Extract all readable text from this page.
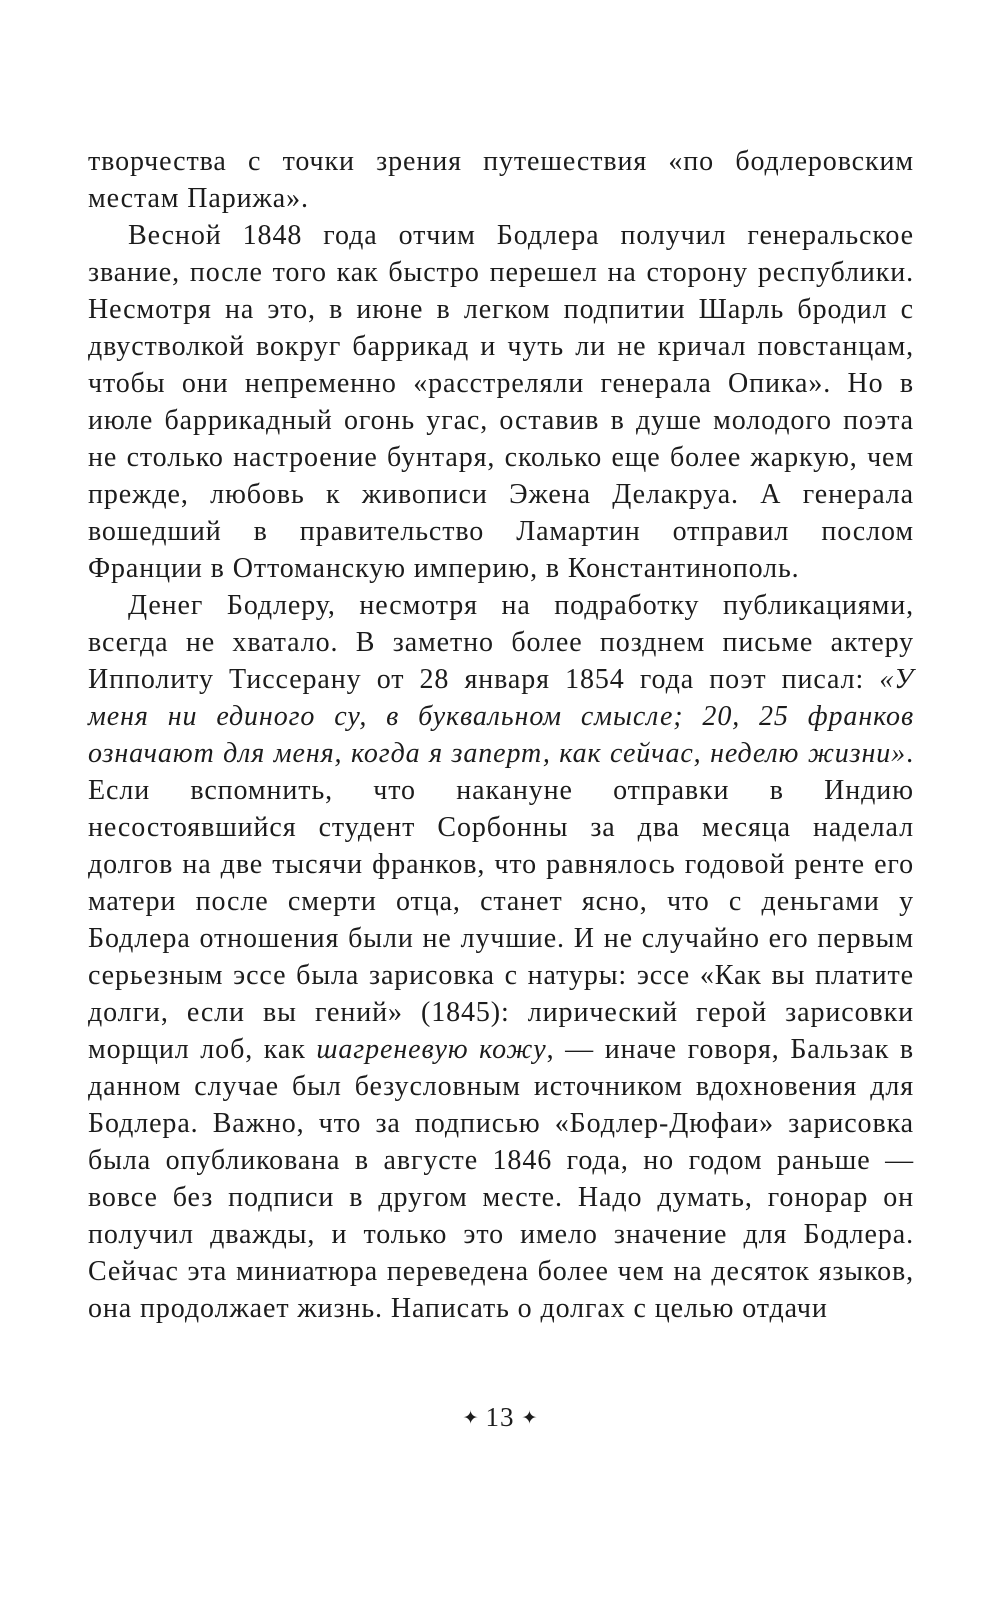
творчества с точки зрения путешествия «по бодлеровским местам Парижа».

Весной 1848 года отчим Бодлера получил генеральское звание, после того как быстро перешел на сторону республики. Несмотря на это, в июне в легком подпитии Шарль бродил с двустволкой вокруг баррикад и чуть ли не кричал повстанцам, чтобы они непременно «расстреляли генерала Опика». Но в июле баррикадный огонь угас, оставив в душе молодого поэта не столько настроение бунтаря, сколько еще более жаркую, чем прежде, любовь к живописи Эжена Делакруа. А генерала вошедший в правительство Ламартин отправил послом Франции в Оттоманскую империю, в Константинополь.

Денег Бодлеру, несмотря на подработку публикациями, всегда не хватало. В заметно более позднем письме актеру Ипполиту Тиссерану от 28 января 1854 года поэт писал: «У меня ни единого су, в буквальном смысле; 20, 25 франков означают для меня, когда я заперт, как сейчас, неделю жизни». Если вспомнить, что накануне отправки в Индию несостоявшийся студент Сорбонны за два месяца наделал долгов на две тысячи франков, что равнялось годовой ренте его матери после смерти отца, станет ясно, что с деньгами у Бодлера отношения были не лучшие. И не случайно его первым серьезным эссе была зарисовка с натуры: эссе «Как вы платите долги, если вы гений» (1845): лирический герой зарисовки морщил лоб, как шагреневую кожу, — иначе говоря, Бальзак в данном случае был безусловным источником вдохновения для Бодлера. Важно, что за подписью «Бодлер-Дюфаи» зарисовка была опубликована в августе 1846 года, но годом раньше — вовсе без подписи в другом месте. Надо думать, гонорар он получил дважды, и только это имело значение для Бодлера. Сейчас эта миниатюра переведена более чем на десяток языков, она продолжает жизнь. Написать о долгах с целью отдачи

✦ 13 ✦
